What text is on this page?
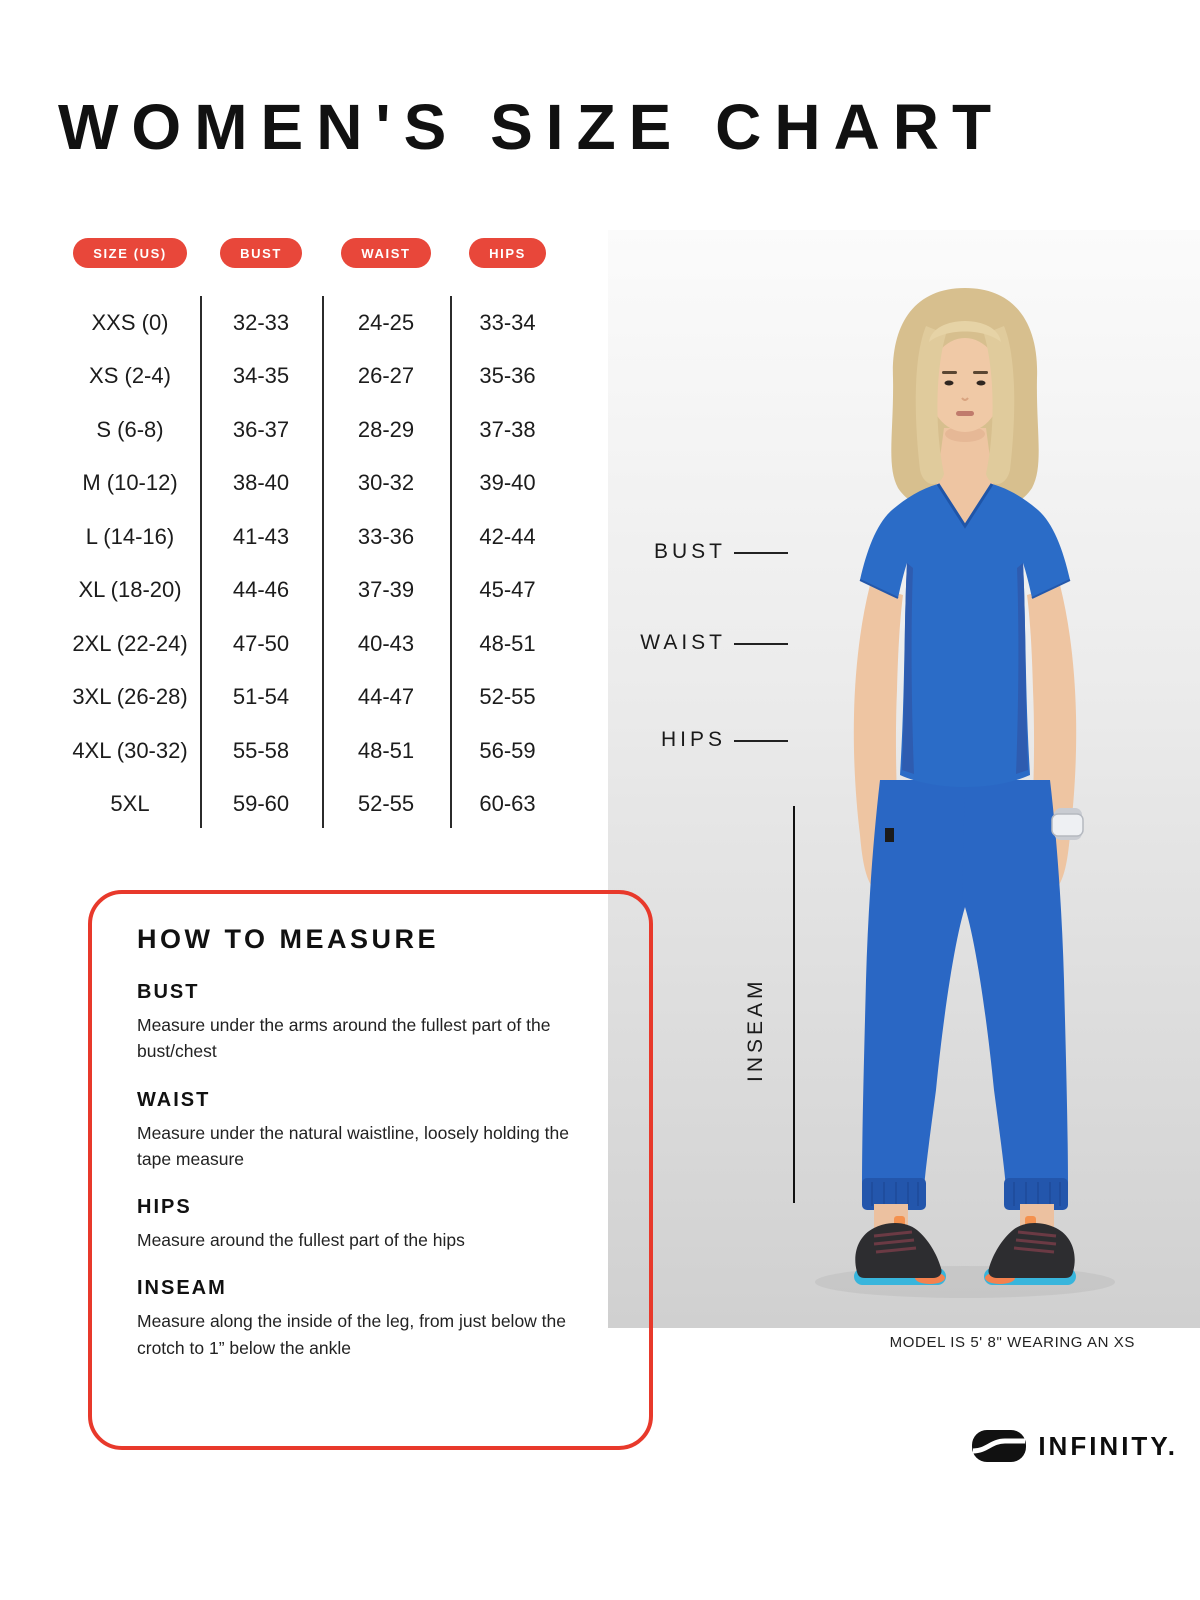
WOMEN'S SIZE CHART
SIZE (US)	BUST	WAIST	HIPS
XXS (0)	32-33	24-25	33-34
XS (2-4)	34-35	26-27	35-36
S (6-8)	36-37	28-29	37-38
M (10-12)	38-40	30-32	39-40
L (14-16)	41-43	33-36	42-44
XL (18-20)	44-46	37-39	45-47
2XL (22-24)	47-50	40-43	48-51
3XL (26-28)	51-54	44-47	52-55
4XL (30-32)	55-58	48-51	56-59
5XL	59-60	52-55	60-63
BUST
WAIST
HIPS
INSEAM
MODEL IS 5' 8" WEARING AN XS
HOW TO MEASURE
BUST

Measure under the arms around the fullest part of the bust/chest

WAIST

Measure under the natural waistline, loosely holding the tape measure

HIPS

Measure around the fullest part of the hips

INSEAM

Measure along the inside of the leg, from just below the crotch to 1” below the ankle

INFINITY.
